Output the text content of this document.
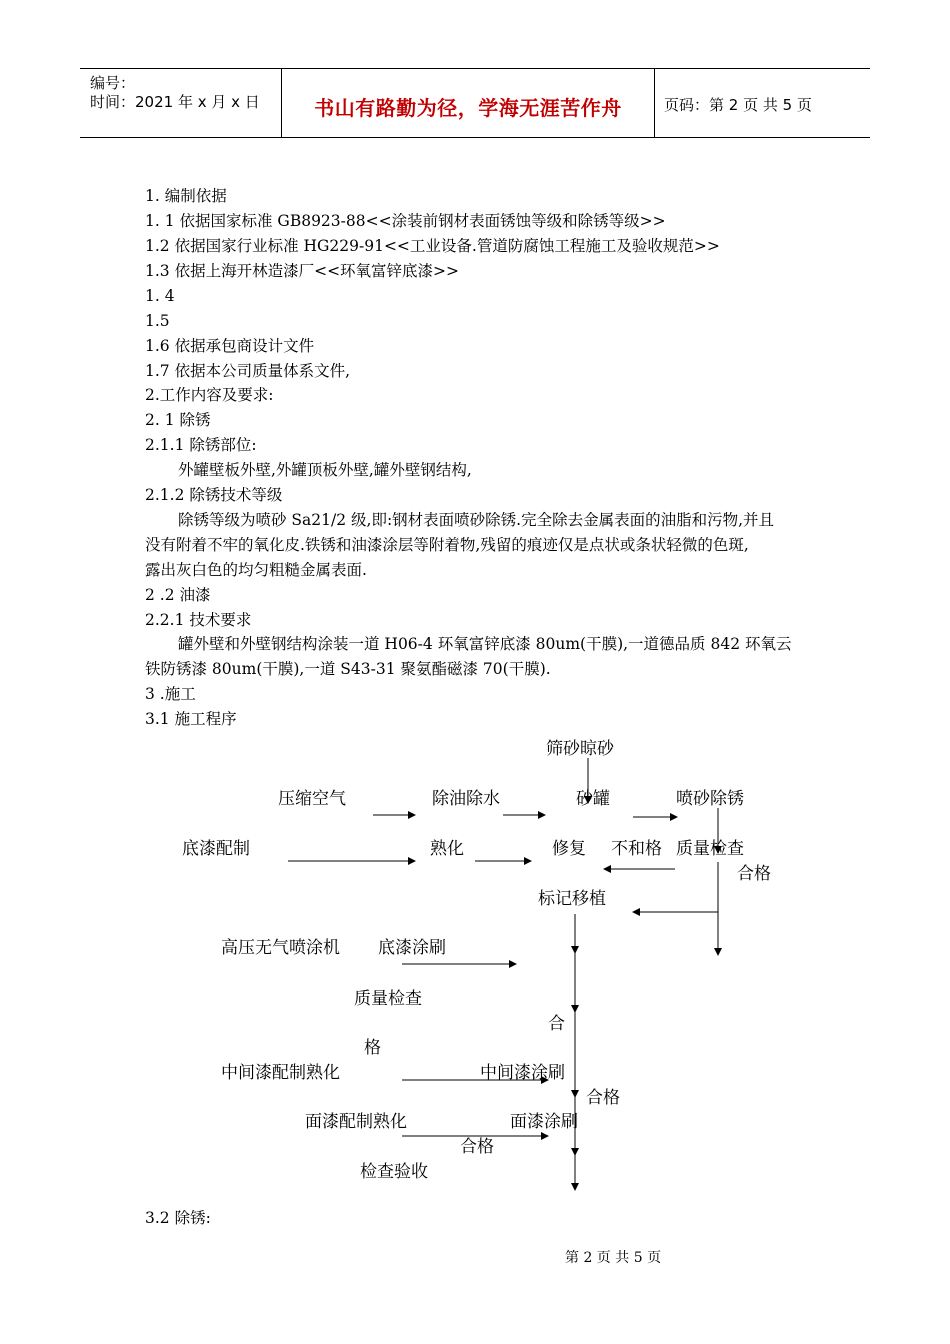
编号：
时间：2021 年 x 月 x 日	书山有路勤为径，学海无涯苦作舟	页码：第 2 页 共 5 页
1. 编制依据
1. 1 依据国家标准 GB8923-88<<涂装前钢材表面锈蚀等级和除锈等级>>
1.2 依据国家行业标准 HG229-91<<工业设备.管道防腐蚀工程施工及验收规范>>
1.3 依据上海开林造漆厂<<环氧富锌底漆>>
1. 4
1.5
1.6 依据承包商设计文件
1.7 依据本公司质量体系文件,
2.工作内容及要求:
2. 1 除锈
2.1.1 除锈部位:
外罐壁板外壁,外罐顶板外壁,罐外壁钢结构,
2.1.2 除锈技术等级
除锈等级为喷砂 Sa21/2 级,即:钢材表面喷砂除锈.完全除去金属表面的油脂和污物,并且
没有附着不牢的氧化皮.铁锈和油漆涂层等附着物,残留的痕迹仅是点状或条状轻微的色斑,
露出灰白色的均匀粗糙金属表面.
2 .2 油漆
2.2.1 技术要求
罐外壁和外壁钢结构涂装一道 H06-4 环氧富锌底漆 80um(干膜),一道德品质 842 环氧云
铁防锈漆 80um(干膜),一道 S43-31 聚氨酯磁漆 70(干膜).
3 .施工
3.1 施工程序
筛砂晾砂
压缩空气	除油除水	砂罐	喷砂除锈
底漆配制	熟化	修复 不和格 质量检查
合格
标记移植
高压无气喷涂机 底漆涂刷
质量检查
合
格
中间漆配制熟化	中间漆涂刷
合格
面漆配制熟化	面漆涂刷
合格
检查验收
3.2 除锈:
第 2 页 共 5 页
